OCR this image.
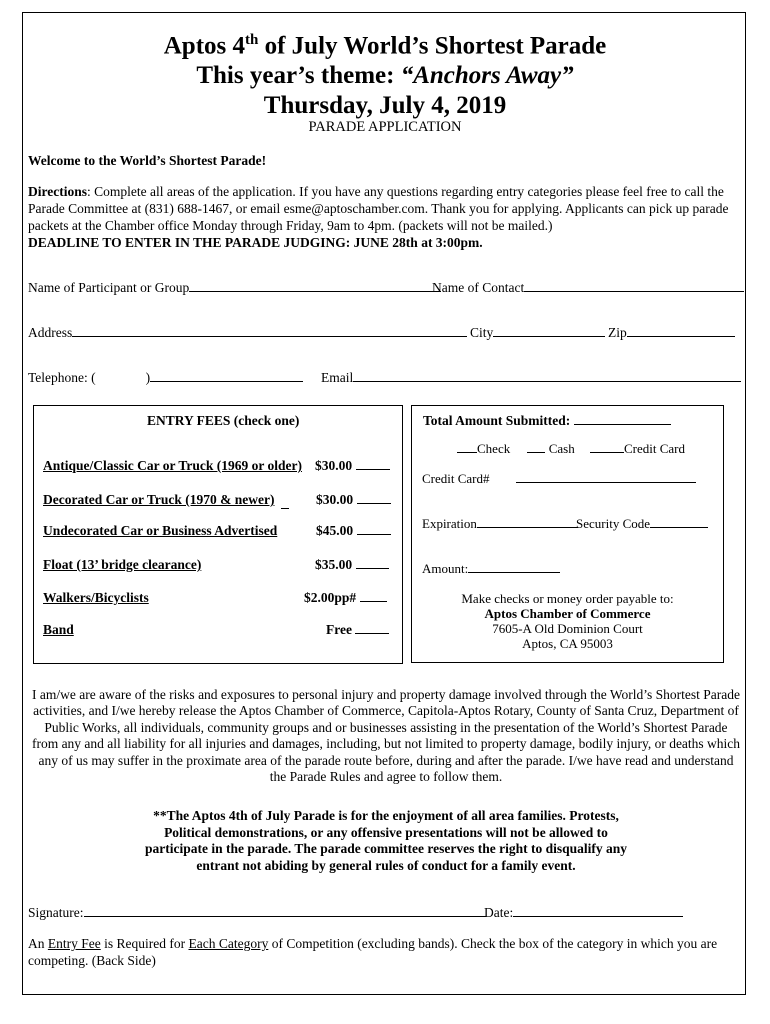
Aptos 4th of July World’s Shortest Parade
This year’s theme: “Anchors Away”
Thursday, July 4, 2019
PARADE APPLICATION
Welcome to the World’s Shortest Parade!
Directions: Complete all areas of the application. If you have any questions regarding entry categories please feel free to call the Parade Committee at (831) 688-1467, or email esme@aptoschamber.com. Thank you for applying. Applicants can pick up parade packets at the Chamber office Monday through Friday, 9am to 4pm. (packets will not be mailed.)
DEADLINE TO ENTER IN THE PARADE JUDGING: JUNE 28th at 3:00pm.
Name of Participant or Group	Name of Contact
Address	City	Zip
Telephone: (	)	Email
ENTRY FEES (check one)
Antique/Classic Car or Truck (1969 or older) $30.00
Decorated Car or Truck (1970 & newer)	$30.00
Undecorated Car or Business Advertised	$45.00
Float (13’ bridge clearance)	$35.00
Walkers/Bicyclists	$2.00pp#
Band	Free
Total Amount Submitted:
Check	Cash	Credit Card
Credit Card#
Expiration	Security Code
Amount:
Make checks or money order payable to:
Aptos Chamber of Commerce
7605-A Old Dominion Court
Aptos, CA 95003
I am/we are aware of the risks and exposures to personal injury and property damage involved through the World’s Shortest Parade activities, and I/we hereby release the Aptos Chamber of Commerce, Capitola-Aptos Rotary, County of Santa Cruz, Department of Public Works, all individuals, community groups and or businesses assisting in the presentation of the World’s Shortest Parade from any and all liability for all injuries and damages, including, but not limited to property damage, bodily injury, or deaths which any of us may suffer in the proximate area of the parade route before, during and after the parade. I/we have read and understand the Parade Rules and agree to follow them.
**The Aptos 4th of July Parade is for the enjoyment of all area families. Protests, Political demonstrations, or any offensive presentations will not be allowed to participate in the parade. The parade committee reserves the right to disqualify any entrant not abiding by general rules of conduct for a family event.
Signature:	Date:
An Entry Fee is Required for Each Category of Competition (excluding bands). Check the box of the category in which you are competing. (Back Side)
